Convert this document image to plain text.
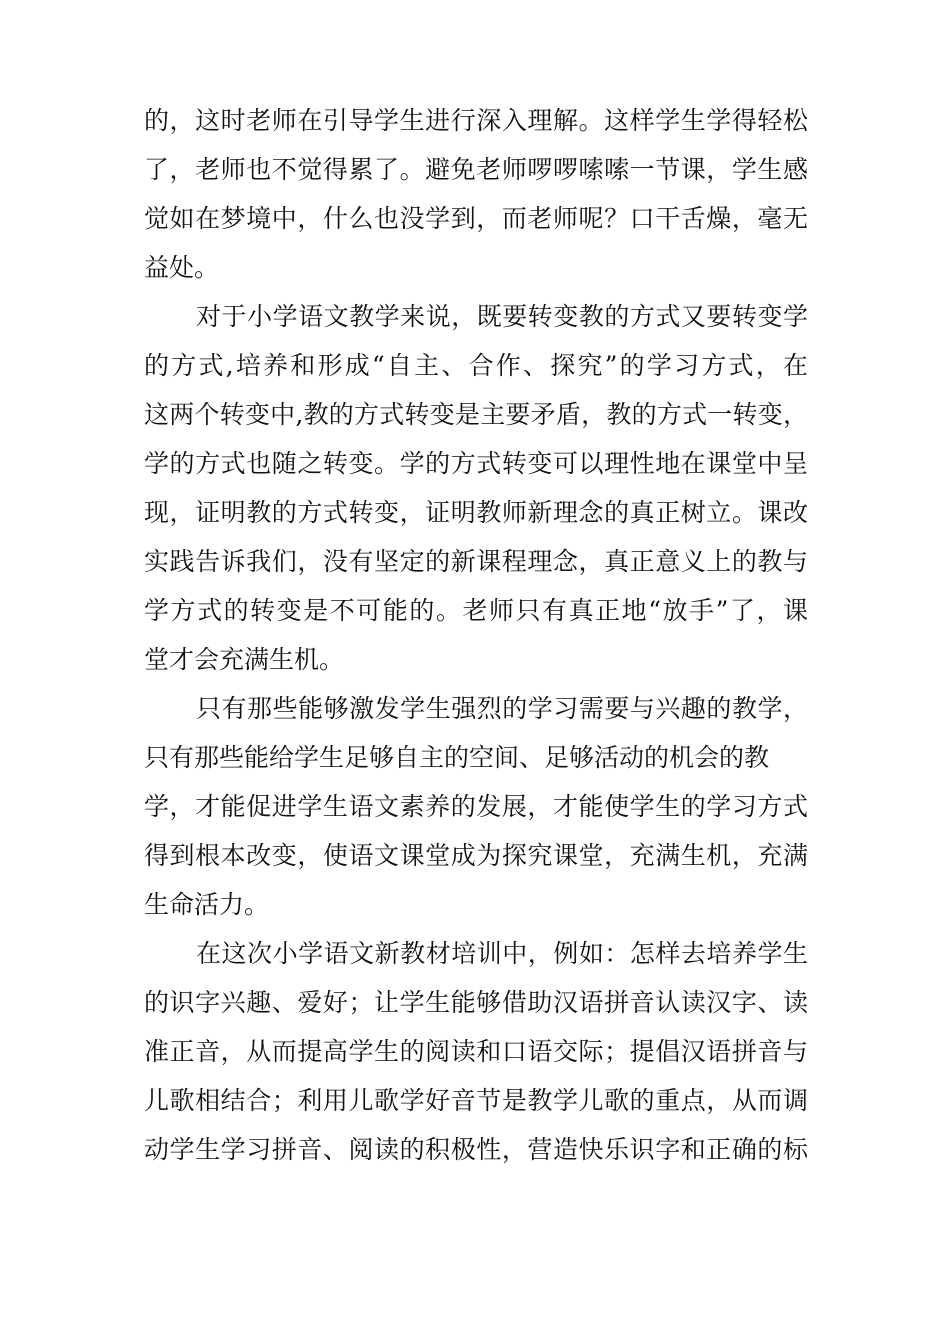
的，这时老师在引导学生进行深入理解。这样学生学得轻松
了，老师也不觉得累了。避免老师啰啰嗦嗦一节课，学生感
觉如在梦境中，什么也没学到，而老师呢？口干舌燥，毫无
益处。
对于小学语文教学来说，既要转变教的方式又要转变学
的方式,培养和形成“自主、合作、探究”的学习方式，在
这两个转变中,教的方式转变是主要矛盾，教的方式一转变，
学的方式也随之转变。学的方式转变可以理性地在课堂中呈
现，证明教的方式转变，证明教师新理念的真正树立。课改
实践告诉我们，没有坚定的新课程理念，真正意义上的教与
学方式的转变是不可能的。老师只有真正地“放手”了，课
堂才会充满生机。
只有那些能够激发学生强烈的学习需要与兴趣的教学，
只有那些能给学生足够自主的空间、足够活动的机会的教
学，才能促进学生语文素养的发展，才能使学生的学习方式
得到根本改变，使语文课堂成为探究课堂，充满生机，充满
生命活力。
在这次小学语文新教材培训中，例如：怎样去培养学生
的识字兴趣、爱好；让学生能够借助汉语拼音认读汉字、读
准正音，从而提高学生的阅读和口语交际；提倡汉语拼音与
儿歌相结合；利用儿歌学好音节是教学儿歌的重点，从而调
动学生学习拼音、阅读的积极性，营造快乐识字和正确的标
